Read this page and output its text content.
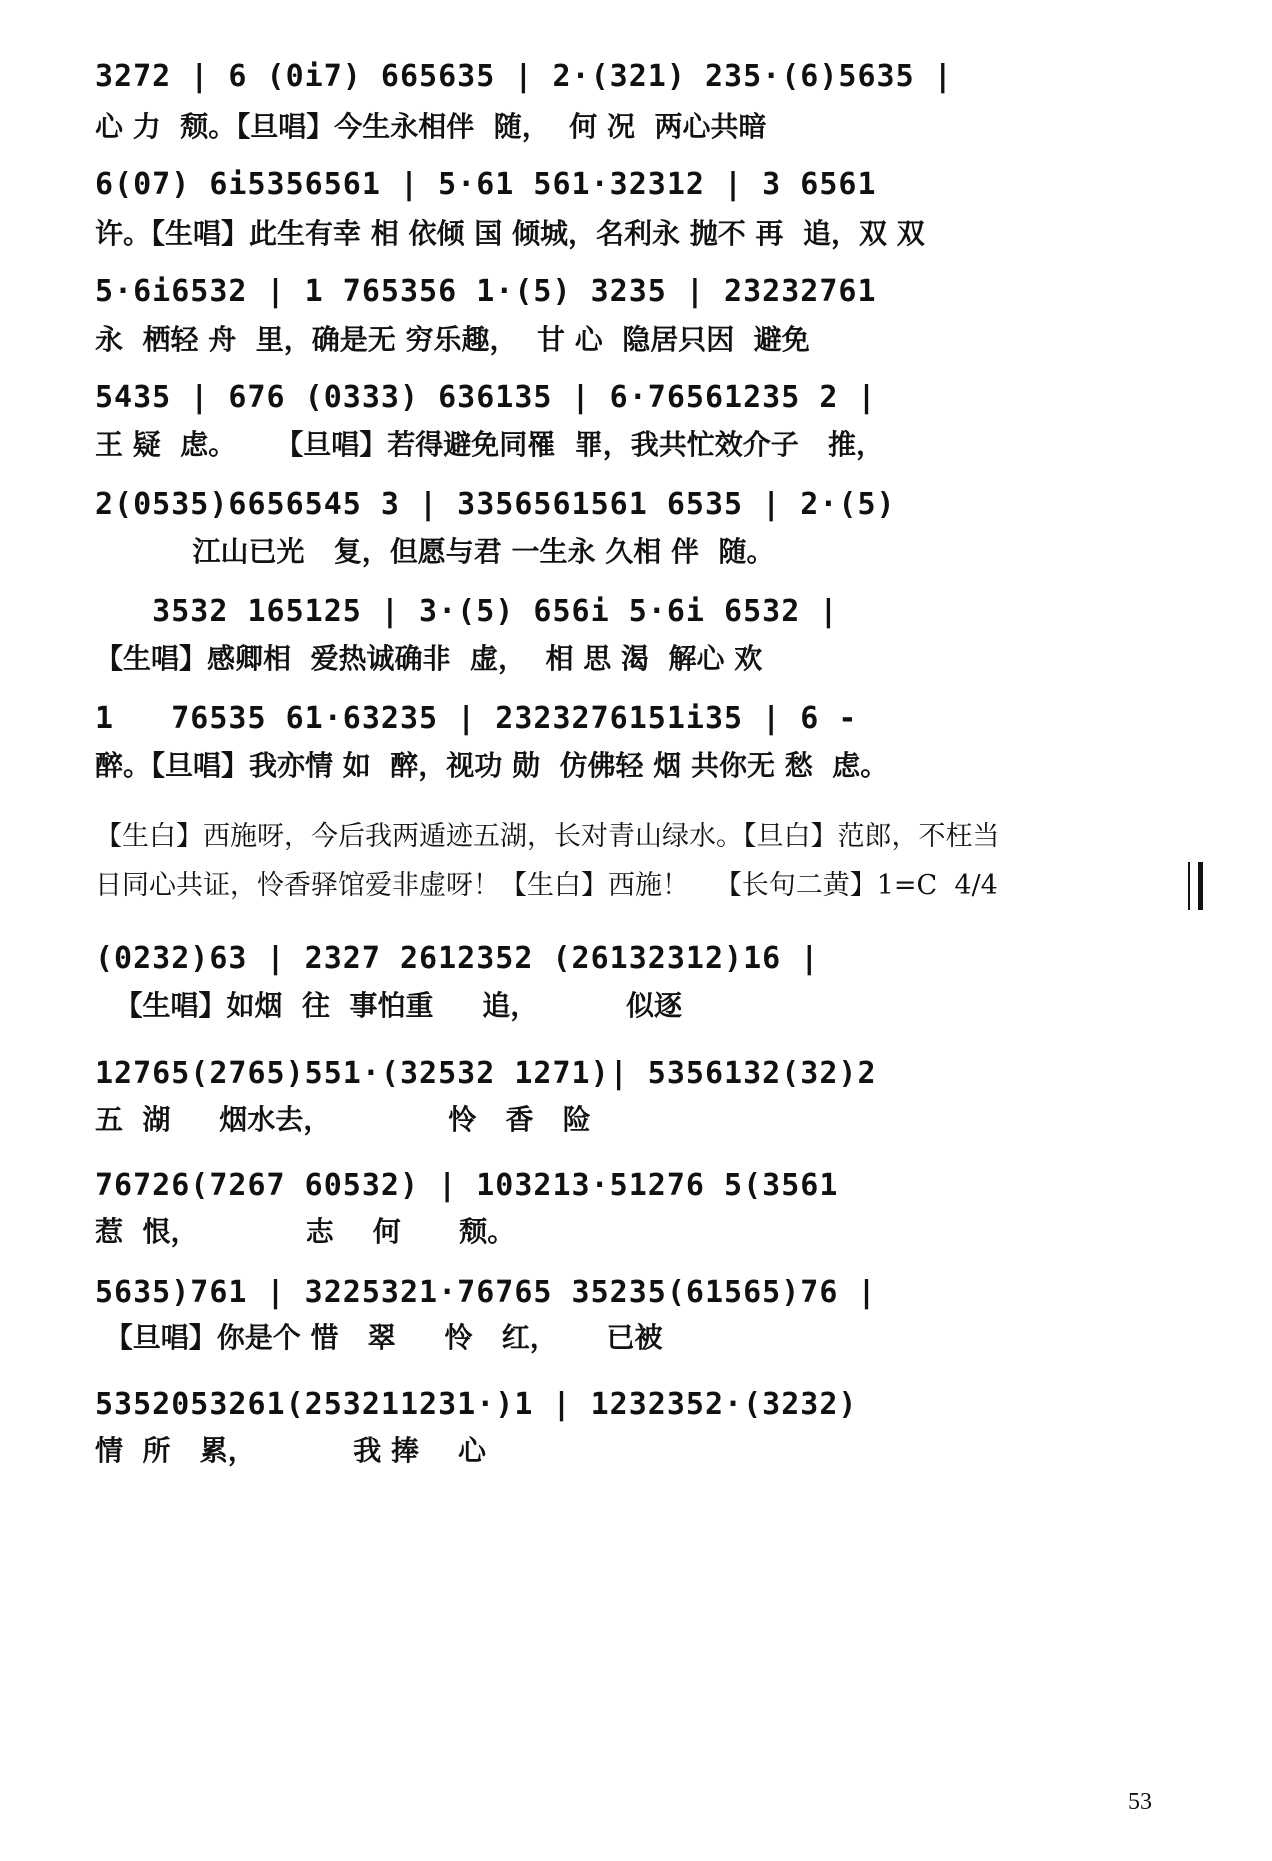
3272 | 6 (0i7) 665635 | 2·(321) 235·(6)5635 |
心 力  颓。【旦唱】今生永相伴  随，  何 况  两心共暗
6(07) 6i5356561 | 5·61 561·32312 | 3 6561
许。【生唱】此生有幸 相 依倾 国 倾城，名利永 抛不 再  追，双 双
5·6i6532 | 1 765356 1·(5) 3235 | 23232761
永  栖轻 舟  里，确是无 穷乐趣，  甘 心  隐居只因  避免
5435 | 676 (0333) 636135 | 6·76561235 2 |
王 疑  虑。    【旦唱】若得避免同罹  罪，我共忙效介子   推，
2(0535)6656545 3 | 3356561561 6535 | 2·(5)
江山已光   复，但愿与君 一生永 久相 伴  随。
3532 165125 | 3·(5) 656i 5·6i 6532 |
【生唱】感卿相  爱热诚确非  虚，  相 思 渴  解心 欢
1   76535 61·63235 | 2323276151i35 | 6 -
醉。【旦唱】我亦情 如  醉，视功 勋  仿佛轻 烟 共你无 愁  虑。
【生白】西施呀，今后我两遁迹五湖，长对青山绿水。【旦白】范郎，不枉当
日同心共证，怜香驿馆爱非虚呀！【生白】西施！   【长句二黄】1=C  4/4
(0232)63 | 2327 2612352 (26132312)16 |
【生唱】如烟  往  事怕重     追，         似逐
12765(2765)551·(32532 1271)| 5356132(32)2
五  湖     烟水去，            怜   香   险
76726(7267 60532) | 103213·51276 5(3561
惹  恨，           志    何      颓。
5635)761 | 3225321·76765 35235(61565)76 |
【旦唱】你是个 惜   翠     怜   红，     已被
5352053261(253211231·)1 | 1232352·(3232)
情  所   累，          我 捧    心
53
